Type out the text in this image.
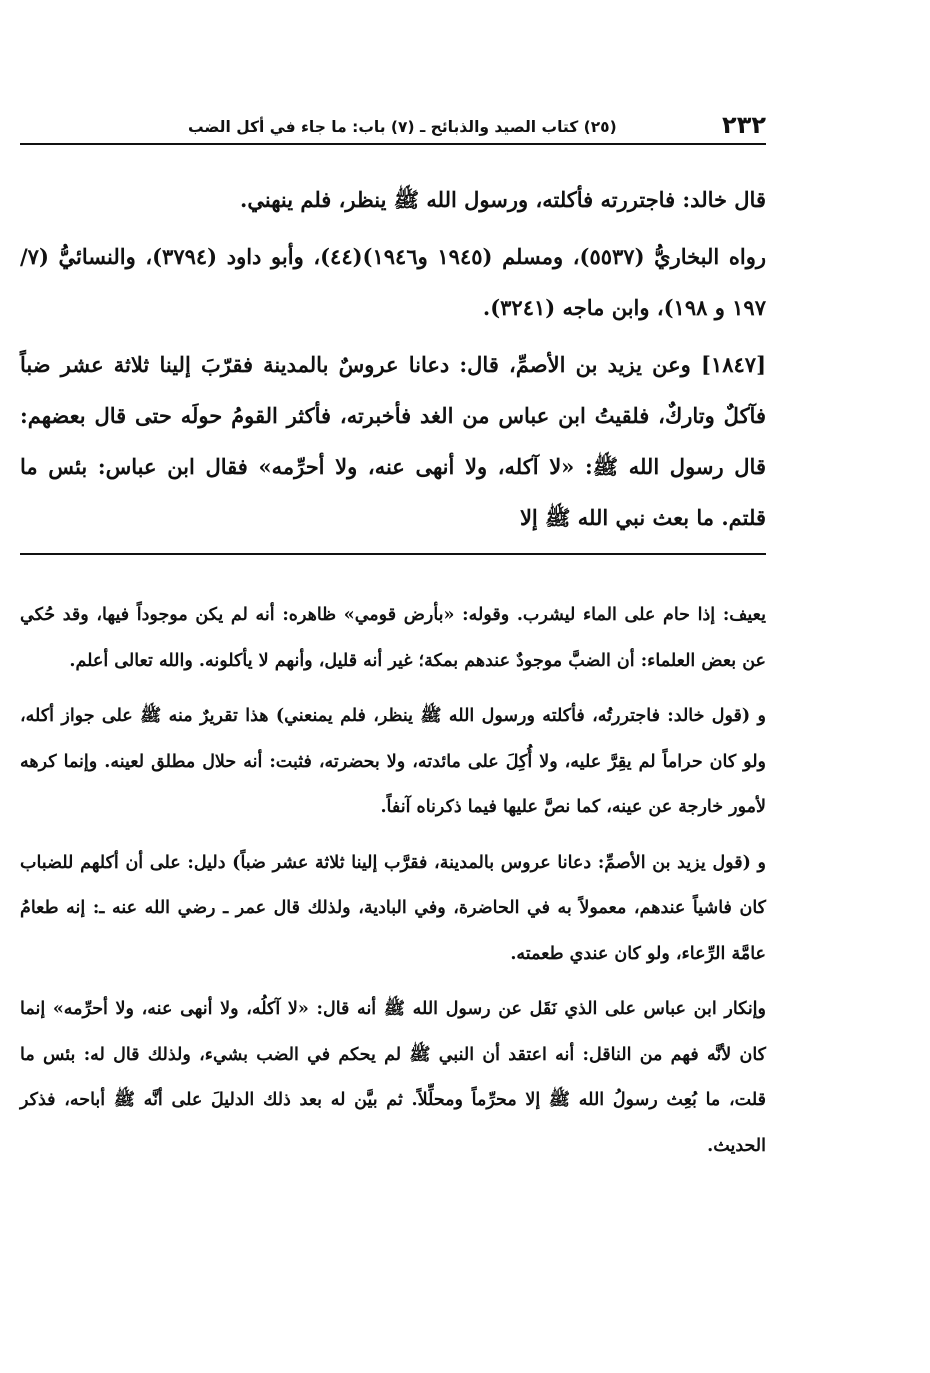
٢٣٢
(٢٥) كتاب الصيد والذبائح ـ (٧) باب: ما جاء في أكل الضب

قال خالد: فاجتررته فأكلته، ورسول الله ﷺ ينظر، فلم ينهني.

رواه البخاريُّ (٥٥٣٧)، ومسلم (١٩٤٥ و١٩٤٦)(٤٤)، وأبو داود (٣٧٩٤)، والنسائيُّ (٧/ ١٩٧ و ١٩٨)، وابن ماجه (٣٢٤١).

[١٨٤٧] وعن يزيد بن الأصمِّ، قال: دعانا عروسٌ بالمدينة فقرّبَ إلينا ثلاثة عشر ضباً فآكلٌ وتاركٌ، فلقيتُ ابن عباس من الغد فأخبرته، فأكثر القومُ حولَه حتى قال بعضهم: قال رسول الله ﷺ: «لا آكله، ولا أنهى عنه، ولا أحرِّمه» فقال ابن عباس: بئس ما قلتم. ما بعث نبي الله ﷺ إلا

يعيف: إذا حام على الماء ليشرب. وقوله: «بأرض قومي» ظاهره: أنه لم يكن موجوداً فيها، وقد حُكي عن بعض العلماء: أن الضبَّ موجودٌ عندهم بمكة؛ غير أنه قليل، وأنهم لا يأكلونه. والله تعالى أعلم.

و (قول خالد: فاجتررتُه، فأكلته ورسول الله ﷺ ينظر، فلم يمنعني) هذا تقريرٌ منه ﷺ على جواز أكله، ولو كان حراماً لم يقِرَّ عليه، ولا أُكِلَ على مائدته، ولا بحضرته، فثبت: أنه حلال مطلق لعينه. وإنما كرهه لأمور خارجة عن عينه، كما نصَّ عليها فيما ذكرناه آنفاً.

و (قول يزيد بن الأصمِّ: دعانا عروس بالمدينة، فقرَّب إلينا ثلاثة عشر ضباً) دليل: على أن أكلهم للضباب كان فاشياً عندهم، معمولاً به في الحاضرة، وفي البادية، ولذلك قال عمر ـ رضي الله عنه ـ: إنه طعامُ عامَّة الرِّعاء، ولو كان عندي طعمته.

وإنكار ابن عباس على الذي نَقَل عن رسول الله ﷺ أنه قال: «لا آكلُه، ولا أنهى عنه، ولا أحرِّمه» إنما كان لأنَّه فهم من الناقل: أنه اعتقد أن النبي ﷺ لم يحكم في الضب بشيء، ولذلك قال له: بئس ما قلت، ما بُعِث رسولُ الله ﷺ إلا محرِّماً ومحلِّلاً. ثم بيَّن له بعد ذلك الدليلَ على أنَّه ﷺ أباحه، فذكر الحديث.
